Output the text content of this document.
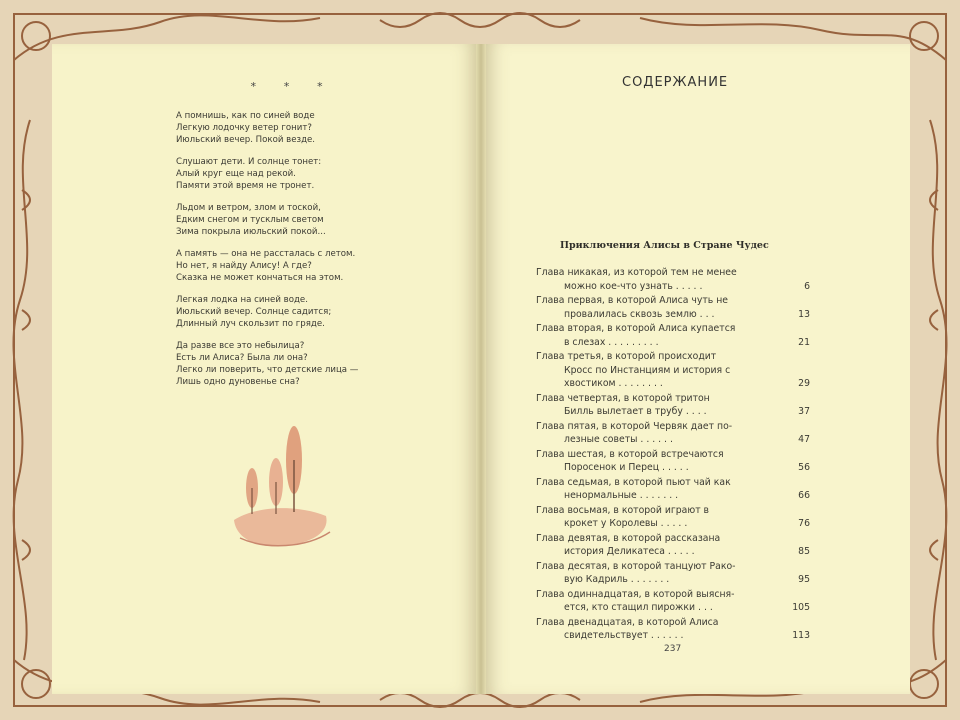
* * *
А помнишь, как по синей воде
Легкую лодочку ветер гонит?
Июльский вечер. Покой везде.
Слушают дети. И солнце тонет:
Алый круг еще над рекой.
Памяти этой время не тронет.
Льдом и ветром, злом и тоской,
Едким снегом и тусклым светом
Зима покрыла июльский покой...
А память — она не рассталась с летом.
Но нет, я найду Алису! А где?
Сказка не может кончаться на этом.
Легкая лодка на синей воде.
Июльский вечер. Солнце садится;
Длинный луч скользит по гряде.
Да разве все это небылица?
Есть ли Алиса? Была ли она?
Легко ли поверить, что детские лица —
Лишь одно дуновенье сна?
СОДЕРЖАНИЕ
Приключения Алисы в Стране Чудес
Глава никакая, из которой тем не менее
можно кое-что узнать . . . . .	6
Глава первая, в которой Алиса чуть не
провалилась сквозь землю . . .	13
Глава вторая, в которой Алиса купается
в слезах . . . . . . . . .	21
Глава третья, в которой происходит
Кросс по Инстанциям и история с
хвостиком . . . . . . . .	29
Глава четвертая, в которой тритон
Билль вылетает в трубу . . . .	37
Глава пятая, в которой Червяк дает по-
лезные советы . . . . . .	47
Глава шестая, в которой встречаются
Поросенок и Перец . . . . .	56
Глава седьмая, в которой пьют чай как
ненормальные . . . . . . .	66
Глава восьмая, в которой играют в
крокет у Королевы . . . . .	76
Глава девятая, в которой рассказана
история Деликатеса . . . . .	85
Глава десятая, в которой танцуют Рако-
вую Кадриль . . . . . . .	95
Глава одиннадцатая, в которой выясня-
ется, кто стащил пирожки . . .	105
Глава двенадцатая, в которой Алиса
свидетельствует . . . . . .	113
237
